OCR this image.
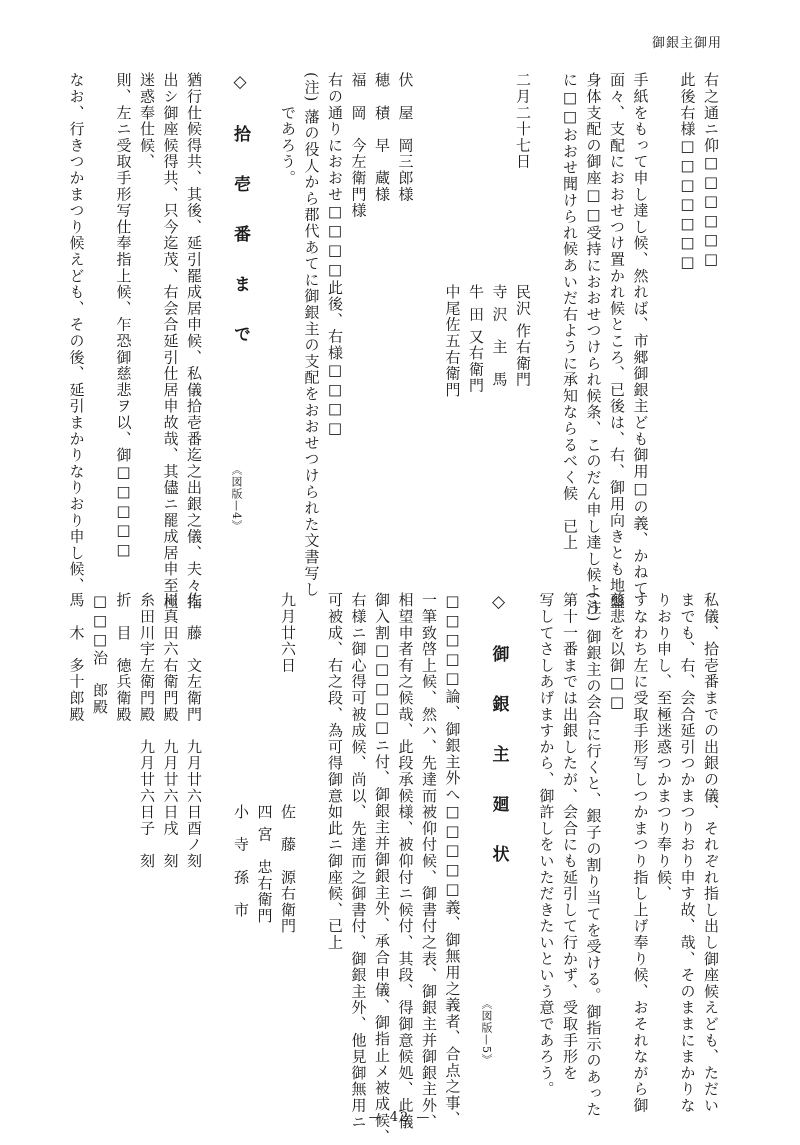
御銀主御用
右之通ニ仰□□□□□□
此後右様□□□□□□□
手紙をもって申し達し候、然れば、市郷御銀主ども御用□の義、かねて
面々、支配におおせつけ置かれ候ところ、已後は、右、御用向きとも地盤
身体支配の御座□□受持におおせつけられ候条、このだん申し達し候よう
に□□おおせ聞けられ候あいだ右ように承知ならるべく候　已上
二月二十七日　　　　　　　民沢 作右衛門
　　　　　　　　　　　　　寺 沢　主　馬
　　　　　　　　　　　　　牛 田 又右衛門
　　　　　　　　　　　　　中尾佐五右衛門
伏　屋　岡三郎様
穂　積　早　蔵様
福　岡　今左衛門様
右の通りにおおせ□□□□此後、右様□□□□
(注) 藩の役人から郡代あてに御銀主の支配をおおせつけられた文書写し
　　であろう。
◇　拾　壱　番　ま　で
猶行仕候得共、其後、延引罷成居申候、私儀拾壱番迄之出銀之儀、夫々指
出シ御座候得共、只今迄茂、右会合延引仕居申故哉、其儘ニ罷成居申至極
迷惑奉仕候、
則、左ニ受取手形写仕奉指上候、乍恐御慈悲ヲ以、御□□□□□
なお、行きつかまつり候えども、その後、延引まかりなりおり申し候、
私儀、拾壱番までの出銀の儀、それぞれ指し出し御座候えども、ただい
までも、右、会合延引つかまつりおり申す故、哉、そのままにまかりな
りおり申し、至極迷惑つかまつり奉り候、
すなわち左に受取手形写しつかまつり指し上げ奉り候、おそれながら御
慈悲を以御□□
(注) 御銀主の会合に行くと、銀子の割り当てを受ける。御指示のあった
第十一番までは出銀したが、会合にも延引して行かず、受取手形を
写してさしあげますから、御許しをいただきたいという意であろう。
◇　御　銀　主　廻　状
□□□□□論、御銀主外へ□□□□□義、御無用之義者、合点之事、
一筆致啓上候、然ハ、先達而被仰付候、御書付之表、御銀主并御銀主外、
相望申者有之候哉、此段承候様、被仰付ニ候付、其段、得御意候処、此儀
御入割□□□□□ニ付、御銀主并御銀主外、承合申儀、御指止メ被成候、
右様ニ御心得可被成候、尚以、先達而之御書付、御銀主外、他見御無用ニ
可被成、右之段、為可得御意如此ニ御座候、已上
九月廿六日　　　　　　　　佐　藤　源右衛門
　　　　　　　　　　　　　四 宮　忠右衛門
　　　　　　　　　　　　　小　寺　孫　市
佐　藤　文左衛門　九月廿六日酉ノ刻
川真田六右衛門殿　九月廿六日戌　刻
糸田川宇左衛門殿　九月廿六日子　刻
折　目　徳兵衛殿
□□□治　郎殿
馬　木　多十郎殿
《図版—4》
《図版—5》
— 42 —
